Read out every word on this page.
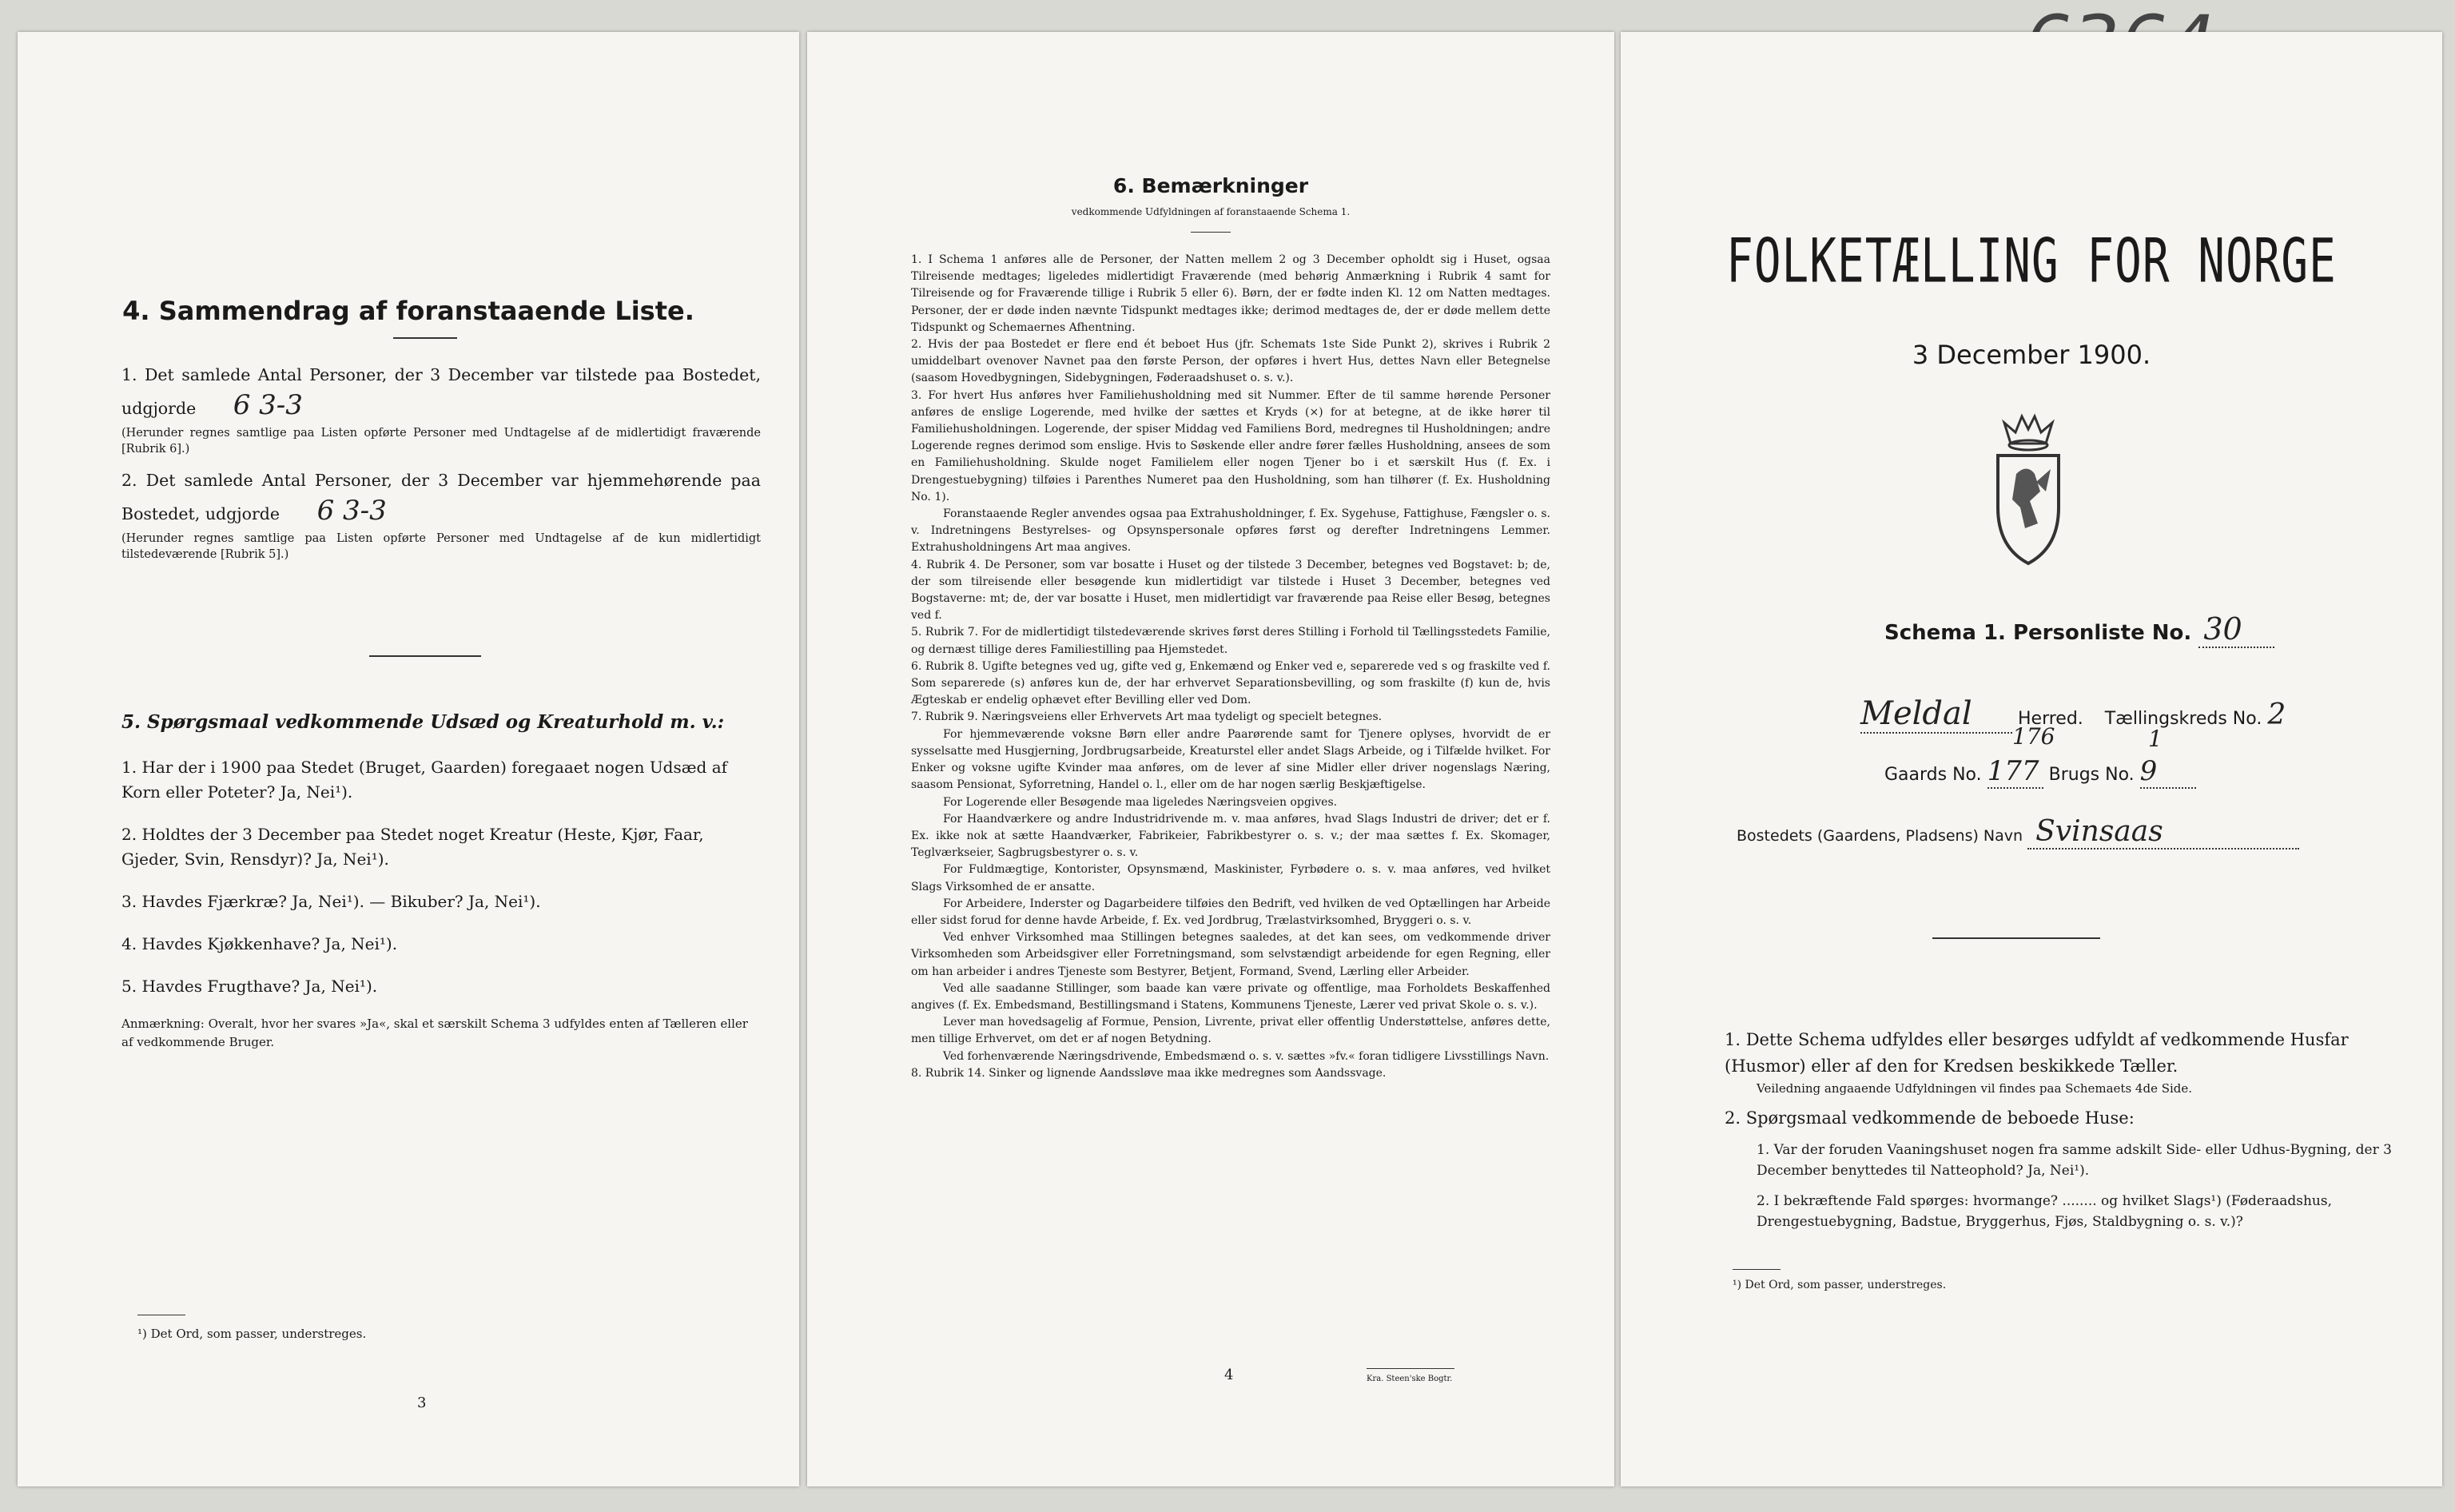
4. Sammendrag af foranstaaende Liste.
1. Det samlede Antal Personer, der 3 December var tilstede paa Bostedet, udgjorde 6 3-3
(Herunder regnes samtlige paa Listen opførte Personer med Undtagelse af de midlertidigt fraværende [Rubrik 6].)
2. Det samlede Antal Personer, der 3 December var hjemmehørende paa Bostedet, udgjorde 6 3-3
(Herunder regnes samtlige paa Listen opførte Personer med Undtagelse af de kun midlertidigt tilstedeværende [Rubrik 5].)
5. Spørgsmaal vedkommende Udsæd og Kreaturhold m. v.:
1. Har der i 1900 paa Stedet (Bruget, Gaarden) foregaaet nogen Udsæd af Korn eller Poteter? Ja, Nei¹).
2. Holdtes der 3 December paa Stedet noget Kreatur (Heste, Kjør, Faar, Gjeder, Svin, Rensdyr)? Ja, Nei¹).
3. Havdes Fjærkræ? Ja, Nei¹). — Bikuber? Ja, Nei¹).
4. Havdes Kjøkkenhave? Ja, Nei¹).
5. Havdes Frugthave? Ja, Nei¹).
Anmærkning: Overalt, hvor her svares »Ja«, skal et særskilt Schema 3 udfyldes enten af Tælleren eller af vedkommende Bruger.
¹) Det Ord, som passer, understreges.
3
6. Bemærkninger
vedkommende Udfyldningen af foranstaaende Schema 1.

1. I Schema 1 anføres alle de Personer, der Natten mellem 2 og 3 December opholdt sig i Huset, ogsaa Tilreisende medtages; ligeledes midlertidigt Fraværende (med behørig Anmærkning i Rubrik 4 samt for Tilreisende og for Fraværende tillige i Rubrik 5 eller 6). Børn, der er fødte inden Kl. 12 om Natten medtages. Personer, der er døde inden nævnte Tidspunkt medtages ikke; derimod medtages de, der er døde mellem dette Tidspunkt og Schemaernes Afhentning.

2. Hvis der paa Bostedet er flere end ét beboet Hus (jfr. Schemats 1ste Side Punkt 2), skrives i Rubrik 2 umiddelbart ovenover Navnet paa den første Person, der opføres i hvert Hus, dettes Navn eller Betegnelse (saasom Hovedbygningen, Sidebygningen, Føderaadshuset o. s. v.).

3. For hvert Hus anføres hver Familiehusholdning med sit Nummer. Efter de til samme hørende Personer anføres de enslige Logerende, med hvilke der sættes et Kryds (×) for at betegne, at de ikke hører til Familiehusholdningen. Logerende, der spiser Middag ved Familiens Bord, medregnes til Husholdningen; andre Logerende regnes derimod som enslige. Hvis to Søskende eller andre fører fælles Husholdning, ansees de som en Familiehusholdning. Skulde noget Familielem eller nogen Tjener bo i et særskilt Hus (f. Ex. i Drengestuebygning) tilføies i Parenthes Numeret paa den Husholdning, som han tilhører (f. Ex. Husholdning No. 1).

Foranstaaende Regler anvendes ogsaa paa Extrahusholdninger, f. Ex. Sygehuse, Fattighuse, Fængsler o. s. v. Indretningens Bestyrelses- og Opsynspersonale opføres først og derefter Indretningens Lemmer. Extrahusholdningens Art maa angives.

4. Rubrik 4. De Personer, som var bosatte i Huset og der tilstede 3 December, betegnes ved Bogstavet: b; de, der som tilreisende eller besøgende kun midlertidigt var tilstede i Huset 3 December, betegnes ved Bogstaverne: mt; de, der var bosatte i Huset, men midlertidigt var fraværende paa Reise eller Besøg, betegnes ved f.

5. Rubrik 7. For de midlertidigt tilstedeværende skrives først deres Stilling i Forhold til Tællingsstedets Familie, og dernæst tillige deres Familiestilling paa Hjemstedet.

6. Rubrik 8. Ugifte betegnes ved ug, gifte ved g, Enkemænd og Enker ved e, separerede ved s og fraskilte ved f. Som separerede (s) anføres kun de, der har erhvervet Separationsbevilling, og som fraskilte (f) kun de, hvis Ægteskab er endelig ophævet efter Bevilling eller ved Dom.

7. Rubrik 9. Næringsveiens eller Erhvervets Art maa tydeligt og specielt betegnes.

For hjemmeværende voksne Børn eller andre Paarørende samt for Tjenere oplyses, hvorvidt de er sysselsatte med Husgjerning, Jordbrugsarbeide, Kreaturstel eller andet Slags Arbeide, og i Tilfælde hvilket. For Enker og voksne ugifte Kvinder maa anføres, om de lever af sine Midler eller driver nogenslags Næring, saasom Pensionat, Syforretning, Handel o. l., eller om de har nogen særlig Beskjæftigelse.

For Logerende eller Besøgende maa ligeledes Næringsveien opgives.

For Haandværkere og andre Industridrivende m. v. maa anføres, hvad Slags Industri de driver; det er f. Ex. ikke nok at sætte Haandværker, Fabrikeier, Fabrikbestyrer o. s. v.; der maa sættes f. Ex. Skomager, Teglværkseier, Sagbrugsbestyrer o. s. v.

For Fuldmægtige, Kontorister, Opsynsmænd, Maskinister, Fyrbødere o. s. v. maa anføres, ved hvilket Slags Virksomhed de er ansatte.

For Arbeidere, Inderster og Dagarbeidere tilføies den Bedrift, ved hvilken de ved Optællingen har Arbeide eller sidst forud for denne havde Arbeide, f. Ex. ved Jordbrug, Trælastvirksomhed, Bryggeri o. s. v.

Ved enhver Virksomhed maa Stillingen betegnes saaledes, at det kan sees, om vedkommende driver Virksomheden som Arbeidsgiver eller Forretningsmand, som selvstændigt arbeidende for egen Regning, eller om han arbeider i andres Tjeneste som Bestyrer, Betjent, Formand, Svend, Lærling eller Arbeider.

Ved alle saadanne Stillinger, som baade kan være private og offentlige, maa Forholdets Beskaffenhed angives (f. Ex. Embedsmand, Bestillingsmand i Statens, Kommunens Tjeneste, Lærer ved privat Skole o. s. v.).

Lever man hovedsagelig af Formue, Pension, Livrente, privat eller offentlig Understøttelse, anføres dette, men tillige Erhvervet, om det er af nogen Betydning.

Ved forhenværende Næringsdrivende, Embedsmænd o. s. v. sættes »fv.« foran tidligere Livsstillings Navn.

8. Rubrik 14. Sinker og lignende Aandssløve maa ikke medregnes som Aandssvage.

4	Kra. Steen'ske Bogtr.
FOLKETÆLLING FOR NORGE
3 December 1900.
Schema 1. Personliste No. 30
Meldal	Herred. Tællingskreds No. 2
176	1
Gaards No. 177 Brugs No. 9
Bostedets (Gaardens, Pladsens) Navn Svinsaas
1. Dette Schema udfyldes eller besørges udfyldt af vedkommende Husfar (Husmor) eller af den for Kredsen beskikkede Tæller.
Veiledning angaaende Udfyldningen vil findes paa Schemaets 4de Side.
2. Spørgsmaal vedkommende de beboede Huse:
1. Var der foruden Vaaningshuset nogen fra samme adskilt Side- eller Udhus-Bygning, der 3 December benyttedes til Natteophold? Ja, Nei¹).
2. I bekræftende Fald spørges: hvormange? ........ og hvilket Slags¹) (Føderaadshus, Drengestuebygning, Badstue, Bryggerhus, Fjøs, Staldbygning o. s. v.)?
¹) Det Ord, som passer, understreges.
